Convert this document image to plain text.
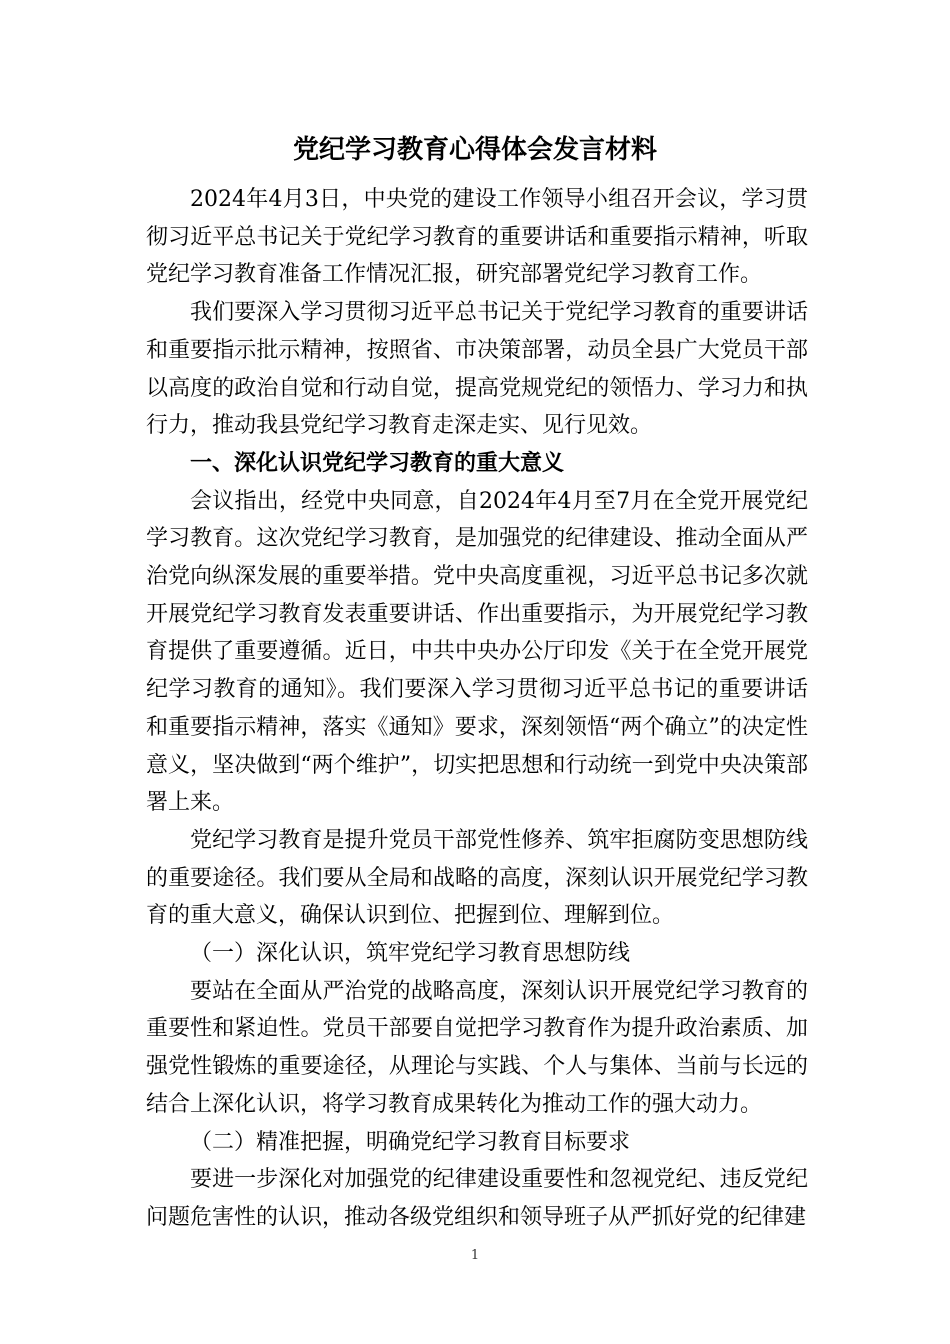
党纪学习教育心得体会发言材料

2024年4月3日，中央党的建设工作领导小组召开会议，学习贯彻习近平总书记关于党纪学习教育的重要讲话和重要指示精神，听取党纪学习教育准备工作情况汇报，研究部署党纪学习教育工作。

我们要深入学习贯彻习近平总书记关于党纪学习教育的重要讲话和重要指示批示精神，按照省、市决策部署，动员全县广大党员干部以高度的政治自觉和行动自觉，提高党规党纪的领悟力、学习力和执行力，推动我县党纪学习教育走深走实、见行见效。

一、深化认识党纪学习教育的重大意义

会议指出，经党中央同意，自2024年4月至7月在全党开展党纪学习教育。这次党纪学习教育，是加强党的纪律建设、推动全面从严治党向纵深发展的重要举措。党中央高度重视，习近平总书记多次就开展党纪学习教育发表重要讲话、作出重要指示，为开展党纪学习教育提供了重要遵循。近日，中共中央办公厅印发《关于在全党开展党纪学习教育的通知》。我们要深入学习贯彻习近平总书记的重要讲话和重要指示精神，落实《通知》要求，深刻领悟“两个确立”的决定性意义，坚决做到“两个维护”，切实把思想和行动统一到党中央决策部署上来。

党纪学习教育是提升党员干部党性修养、筑牢拒腐防变思想防线的重要途径。我们要从全局和战略的高度，深刻认识开展党纪学习教育的重大意义，确保认识到位、把握到位、理解到位。

（一）深化认识，筑牢党纪学习教育思想防线

要站在全面从严治党的战略高度，深刻认识开展党纪学习教育的重要性和紧迫性。党员干部要自觉把学习教育作为提升政治素质、加强党性锻炼的重要途径，从理论与实践、个人与集体、当前与长远的结合上深化认识，将学习教育成果转化为推动工作的强大动力。

（二）精准把握，明确党纪学习教育目标要求

要进一步深化对加强党的纪律建设重要性和忽视党纪、违反党纪问题危害性的认识，推动各级党组织和领导班子从严抓好党的纪律建

1
